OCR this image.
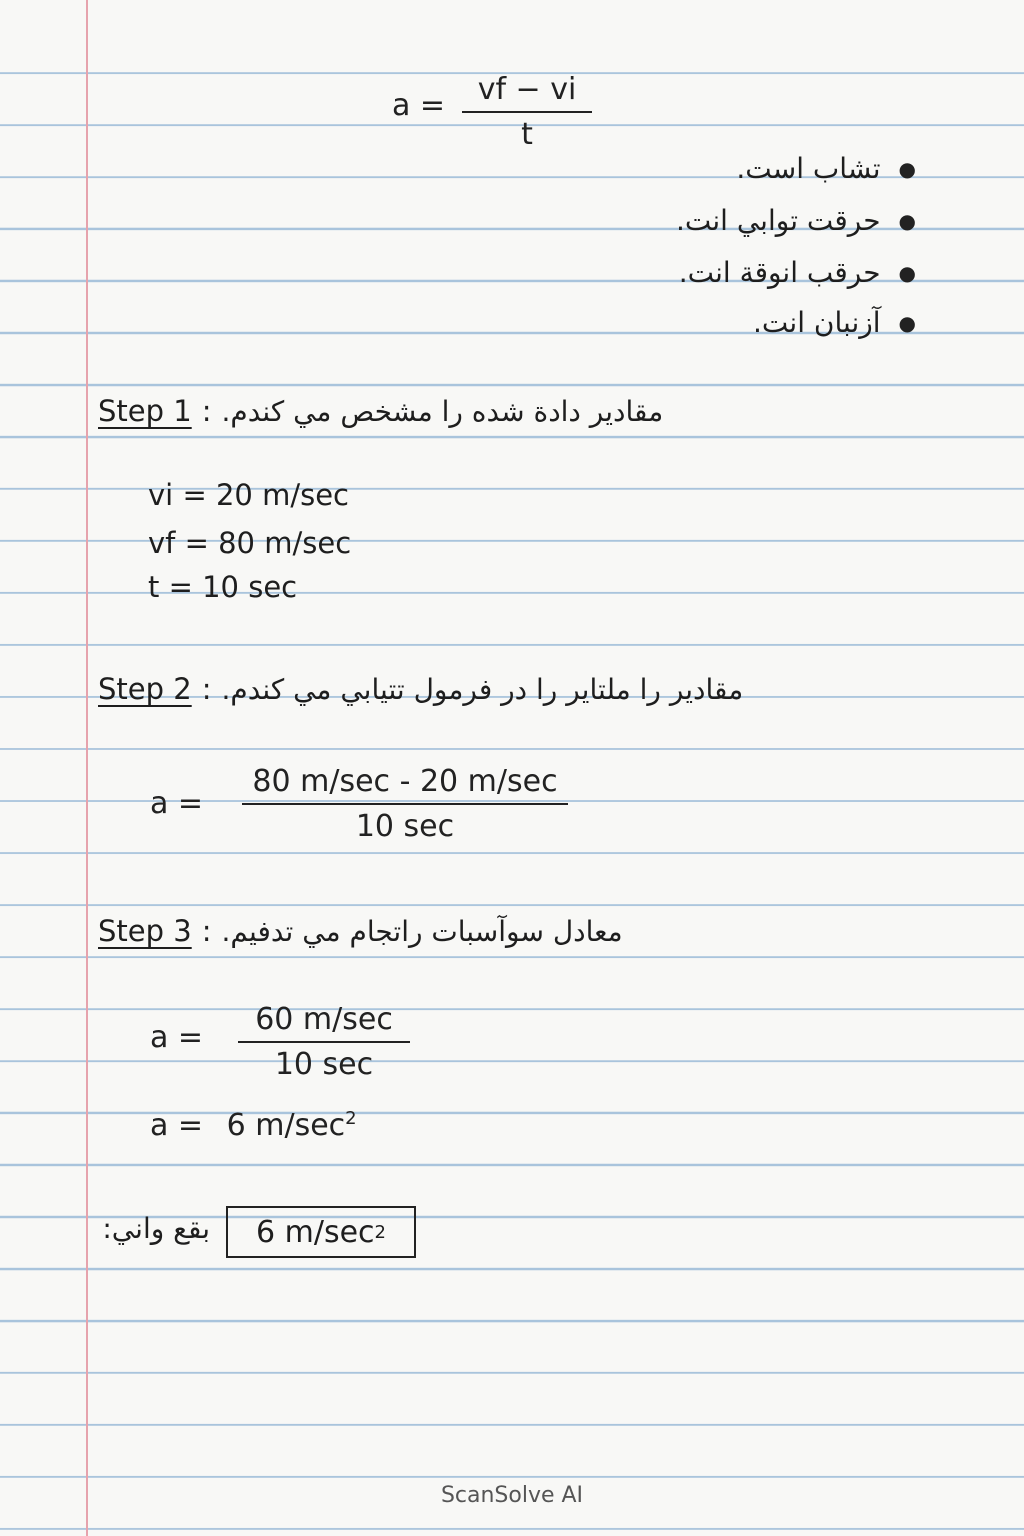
$a = \frac{vf - vi}{t}$
تشاب است. ●
حرقت توابي انت. ●
حرقب انوقة انت. ●
آزنبان انت. ●
Step 1 : مقادير دادة شده را مشخص مي كندم.
vi = 20 m/sec
vf = 80 m/sec
t = 10 sec
Step 2 : مقادير را ملتاير را در فرمول تتيابي مي كندم.
a =
80 m/sec - 20 m/sec
10 sec
Step 3 : معادل سوآسبات راتجام مي تدفيم.
a =
60 m/sec
10 sec
a = 6 $m/\sec^2$
بقع واني: 6 m/sec 2
ScanSolve AI
